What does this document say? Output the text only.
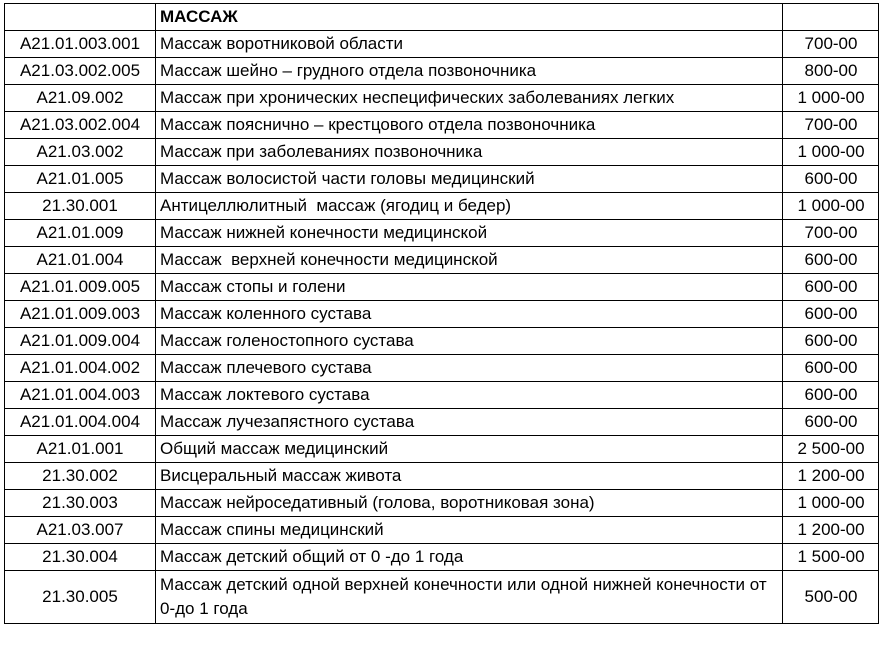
	МАССАЖ	
A21.01.003.001	Массаж воротниковой области	700-00
A21.03.002.005	Массаж шейно – грудного отдела позвоночника	800-00
A21.09.002	Массаж при хронических неспецифических заболеваниях легких	1 000-00
A21.03.002.004	Массаж пояснично – крестцового отдела позвоночника	700-00
A21.03.002	Массаж при заболеваниях позвоночника	1 000-00
A21.01.005	Массаж волосистой части головы медицинский	600-00
21.30.001	Антицеллюлитный  массаж (ягодиц и бедер)	1 000-00
A21.01.009	Массаж нижней конечности медицинской	700-00
A21.01.004	Массаж  верхней конечности медицинской	600-00
A21.01.009.005	Массаж стопы и голени	600-00
A21.01.009.003	Массаж коленного сустава	600-00
A21.01.009.004	Массаж голеностопного сустава	600-00
A21.01.004.002	Массаж плечевого сустава	600-00
A21.01.004.003	Массаж локтевого сустава	600-00
A21.01.004.004	Массаж лучезапястного сустава	600-00
A21.01.001	Общий массаж медицинский	2 500-00
21.30.002	Висцеральный массаж живота	1 200-00
21.30.003	Массаж нейроседативный (голова, воротниковая зона)	1 000-00
A21.03.007	Массаж спины медицинский	1 200-00
21.30.004	Массаж детский общий от 0 -до 1 года	1 500-00
21.30.005	Массаж детский одной верхней конечности или одной нижней конечности от 0-до 1 года	500-00
